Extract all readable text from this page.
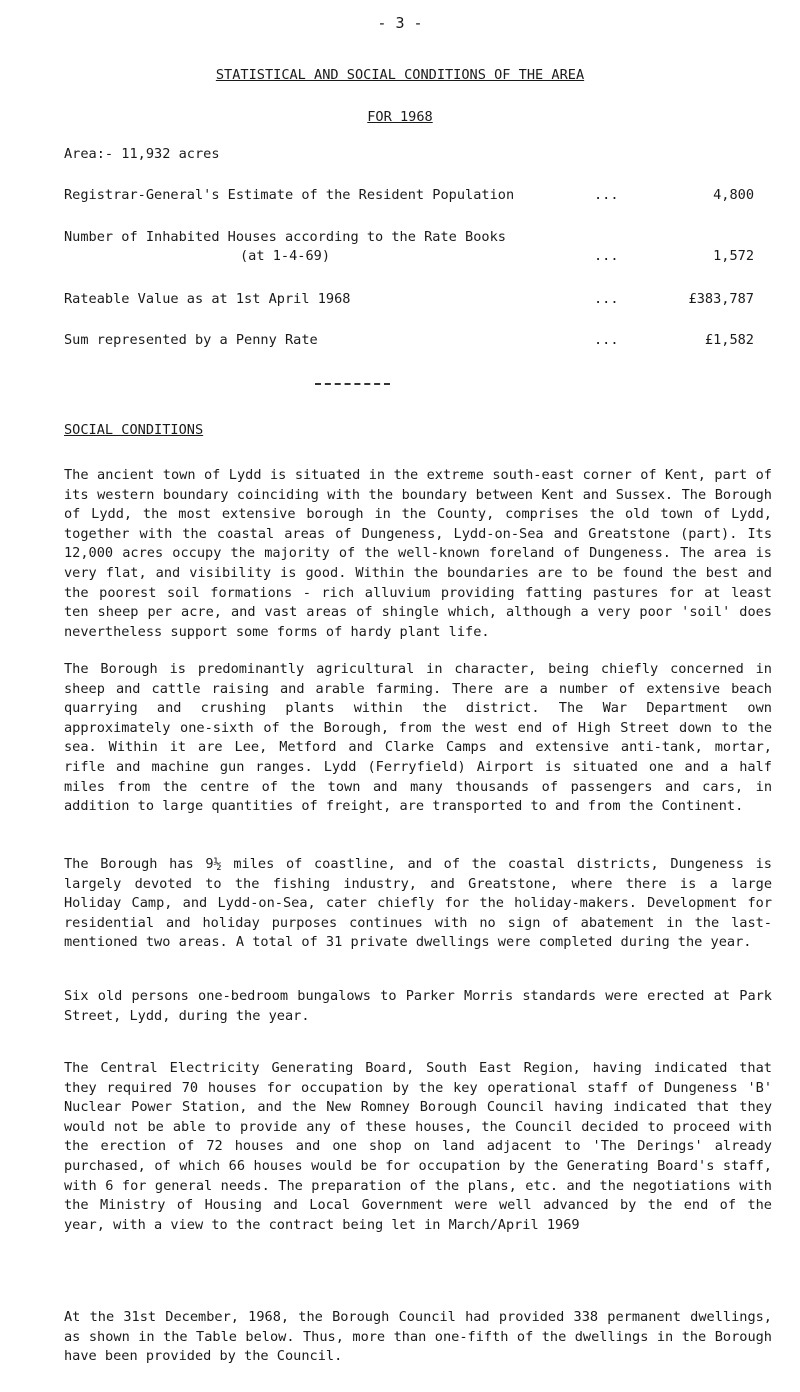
- 3 -
STATISTICAL AND SOCIAL CONDITIONS OF THE AREA
FOR 1968
Area:- 11,932 acres
Registrar-General's Estimate of the Resident Population	...	4,800
Number of Inhabited Houses according to the Rate Books
(at 1-4-69)	...	1,572
Rateable Value as at 1st April 1968	...	£383,787
Sum represented by a Penny Rate	...	£1,582
SOCIAL CONDITIONS

The ancient town of Lydd is situated in the extreme south-east corner of Kent, part of its western boundary coinciding with the boundary between Kent and Sussex. The Borough of Lydd, the most extensive borough in the County, comprises the old town of Lydd, together with the coastal areas of Dungeness, Lydd-on-Sea and Greatstone (part). Its 12,000 acres occupy the majority of the well-known foreland of Dungeness. The area is very flat, and visibility is good. Within the boundaries are to be found the best and the poorest soil formations - rich alluvium providing fatting pastures for at least ten sheep per acre, and vast areas of shingle which, although a very poor 'soil' does nevertheless support some forms of hardy plant life.

The Borough is predominantly agricultural in character, being chiefly concerned in sheep and cattle raising and arable farming. There are a number of extensive beach quarrying and crushing plants within the district. The War Department own approximately one-sixth of the Borough, from the west end of High Street down to the sea. Within it are Lee, Metford and Clarke Camps and extensive anti-tank, mortar, rifle and machine gun ranges. Lydd (Ferryfield) Airport is situated one and a half miles from the centre of the town and many thousands of passengers and cars, in addition to large quantities of freight, are transported to and from the Continent.

The Borough has 9½ miles of coastline, and of the coastal districts, Dungeness is largely devoted to the fishing industry, and Greatstone, where there is a large Holiday Camp, and Lydd-on-Sea, cater chiefly for the holiday-makers. Development for residential and holiday purposes continues with no sign of abatement in the last-mentioned two areas. A total of 31 private dwellings were completed during the year.

Six old persons one-bedroom bungalows to Parker Morris standards were erected at Park Street, Lydd, during the year.

The Central Electricity Generating Board, South East Region, having indicated that they required 70 houses for occupation by the key operational staff of Dungeness 'B' Nuclear Power Station, and the New Romney Borough Council having indicated that they would not be able to provide any of these houses, the Council decided to proceed with the erection of 72 houses and one shop on land adjacent to 'The Derings' already purchased, of which 66 houses would be for occupation by the Generating Board's staff, with 6 for general needs. The preparation of the plans, etc. and the negotiations with the Ministry of Housing and Local Government were well advanced by the end of the year, with a view to the contract being let in March/April 1969

At the 31st December, 1968, the Borough Council had provided 338 permanent dwellings, as shown in the Table below. Thus, more than one-fifth of the dwellings in the Borough have been provided by the Council.
